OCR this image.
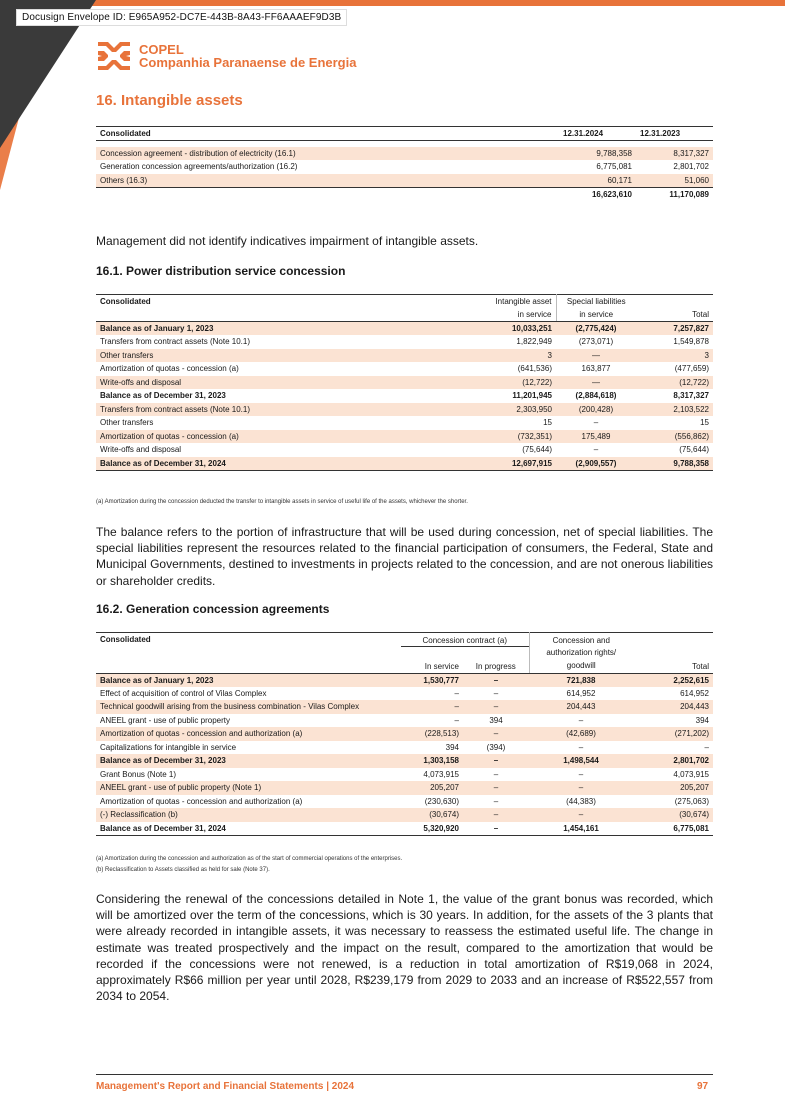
Docusign Envelope ID: E965A952-DC7E-443B-8A43-FF6AAAEF9D3B
COPEL
Companhia Paranaense de Energia
16. Intangible assets
Consolidated	12.31.2024	12.31.2023

Concession agreement - distribution of electricity (16.1)	9,788,358	8,317,327
Generation concession agreements/authorization (16.2)	6,775,081	2,801,702
Others (16.3)	60,171	51,060
	16,623,610	11,170,089
Management did not identify indicatives impairment of intangible assets.
16.1. Power distribution service concession
Consolidated	Intangible asset	Special liabilities	Total
	in service	in service	
Balance as of January 1, 2023	10,033,251	(2,775,424)	7,257,827
Transfers from contract assets (Note 10.1)	1,822,949	(273,071)	1,549,878
Other transfers	3	—	3
Amortization of quotas - concession (a)	(641,536)	163,877	(477,659)
Write-offs and disposal	(12,722)	—	(12,722)
Balance as of December 31, 2023	11,201,945	(2,884,618)	8,317,327
Transfers from contract assets (Note 10.1)	2,303,950	(200,428)	2,103,522
Other transfers	15	–	15
Amortization of quotas - concession (a)	(732,351)	175,489	(556,862)
Write-offs and disposal	(75,644)	–	(75,644)
Balance as of December 31, 2024	12,697,915	(2,909,557)	9,788,358
(a) Amortization during the concession deducted the transfer to intangible assets in service of useful life of the assets, whichever the shorter.
The balance refers to the portion of infrastructure that will be used during concession, net of special liabilities. The special liabilities represent the resources related to the financial participation of consumers, the Federal, State and Municipal Governments, destined to investments in projects related to the concession, and are not onerous liabilities or shareholder credits.
16.2. Generation concession agreements
Consolidated	Concession contract (a)		Concession and	Total
	In service	In progress	authorization rights/	
			goodwill	
Balance as of January 1, 2023	1,530,777	–	721,838	2,252,615
Effect of acquisition of control of Vilas Complex	–	–	614,952	614,952
Technical goodwill arising from the business combination - Vilas Complex	–	–	204,443	204,443
ANEEL grant - use of public property	–	394	–	394
Amortization of quotas - concession and authorization (a)	(228,513)	–	(42,689)	(271,202)
Capitalizations for intangible in service	394	(394)	–	–
Balance as of December 31, 2023	1,303,158	–	1,498,544	2,801,702
Grant Bonus (Note 1)	4,073,915	–	–	4,073,915
ANEEL grant - use of public property (Note 1)	205,207	–	–	205,207
Amortization of quotas - concession and authorization (a)	(230,630)	–	(44,383)	(275,063)
(-) Reclassification (b)	(30,674)	–	–	(30,674)
Balance as of December 31, 2024	5,320,920	–	1,454,161	6,775,081
(a) Amortization during the concession and authorization as of the start of commercial operations of the enterprises.
(b) Reclassification to Assets classified as held for sale (Note 37).
Considering the renewal of the concessions detailed in Note 1, the value of the grant bonus was recorded, which will be amortized over the term of the concessions, which is 30 years. In addition, for the assets of the 3 plants that were already recorded in intangible assets, it was necessary to reassess the estimated useful life. The change in estimate was treated prospectively and the impact on the result, compared to the amortization that would be recorded if the concessions were not renewed, is a reduction in total amortization of R$19,068 in 2024, approximately R$66 million per year until 2028, R$239,179 from 2029 to 2033 and an increase of R$522,557 from 2034 to 2054.
Management's Report and Financial Statements | 2024	97
